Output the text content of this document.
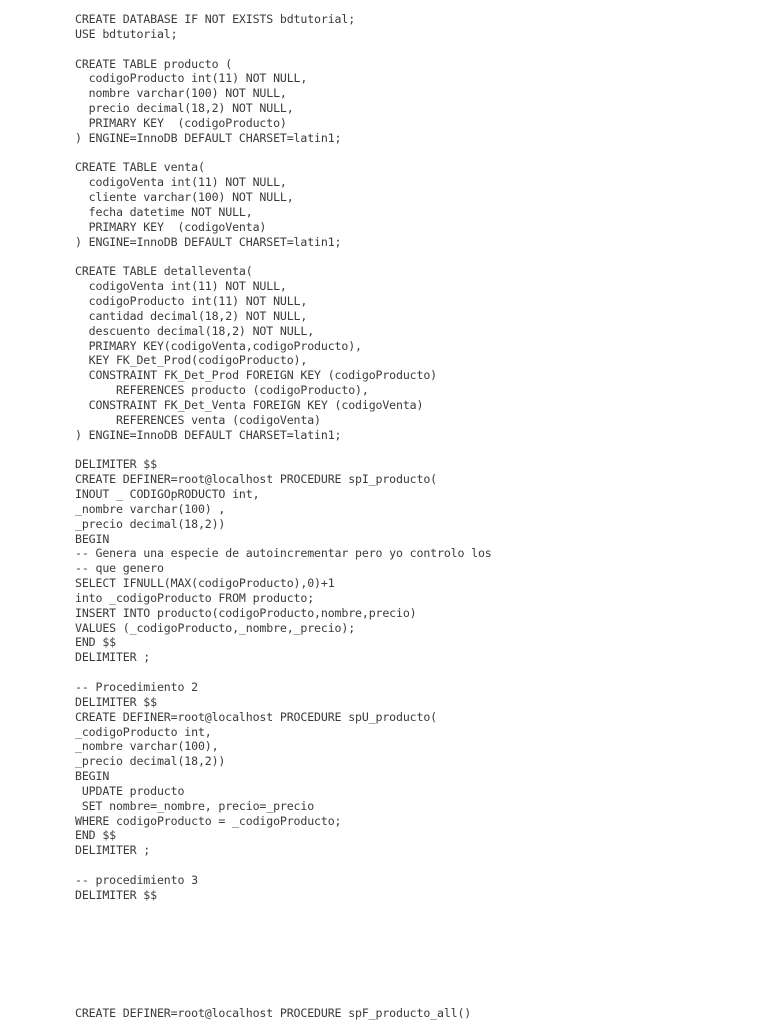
CREATE DATABASE IF NOT EXISTS bdtutorial;
USE bdtutorial;

CREATE TABLE producto (
codigoProducto int(11) NOT NULL,
nombre varchar(100) NOT NULL,
precio decimal(18,2) NOT NULL,
PRIMARY KEY  (codigoProducto)
) ENGINE=InnoDB DEFAULT CHARSET=latin1;

CREATE TABLE venta(
codigoVenta int(11) NOT NULL,
cliente varchar(100) NOT NULL,
fecha datetime NOT NULL,
PRIMARY KEY  (codigoVenta)
) ENGINE=InnoDB DEFAULT CHARSET=latin1;

CREATE TABLE detalleventa(
codigoVenta int(11) NOT NULL,
codigoProducto int(11) NOT NULL,
cantidad decimal(18,2) NOT NULL,
descuento decimal(18,2) NOT NULL,
PRIMARY KEY(codigoVenta,codigoProducto),
KEY FK_Det_Prod(codigoProducto),
CONSTRAINT FK_Det_Prod FOREIGN KEY (codigoProducto)
REFERENCES producto (codigoProducto),
CONSTRAINT FK_Det_Venta FOREIGN KEY (codigoVenta)
REFERENCES venta (codigoVenta)
) ENGINE=InnoDB DEFAULT CHARSET=latin1;

DELIMITER $$
CREATE DEFINER=root@localhost PROCEDURE spI_producto(
INOUT _ CODIGOpRODUCTO int,
_nombre varchar(100) ,
_precio decimal(18,2))
BEGIN
-- Genera una especie de autoincrementar pero yo controlo los
-- que genero
SELECT IFNULL(MAX(codigoProducto),0)+1
into _codigoProducto FROM producto;
INSERT INTO producto(codigoProducto,nombre,precio)
VALUES (_codigoProducto,_nombre,_precio);
END $$
DELIMITER ;

-- Procedimiento 2
DELIMITER $$
CREATE DEFINER=root@localhost PROCEDURE spU_producto(
_codigoProducto int,
_nombre varchar(100),
_precio decimal(18,2))
BEGIN
UPDATE producto
SET nombre=_nombre, precio=_precio
WHERE codigoProducto = _codigoProducto;
END $$
DELIMITER ;

-- procedimiento 3
DELIMITER $$
CREATE DEFINER=root@localhost PROCEDURE spF_producto_all()
